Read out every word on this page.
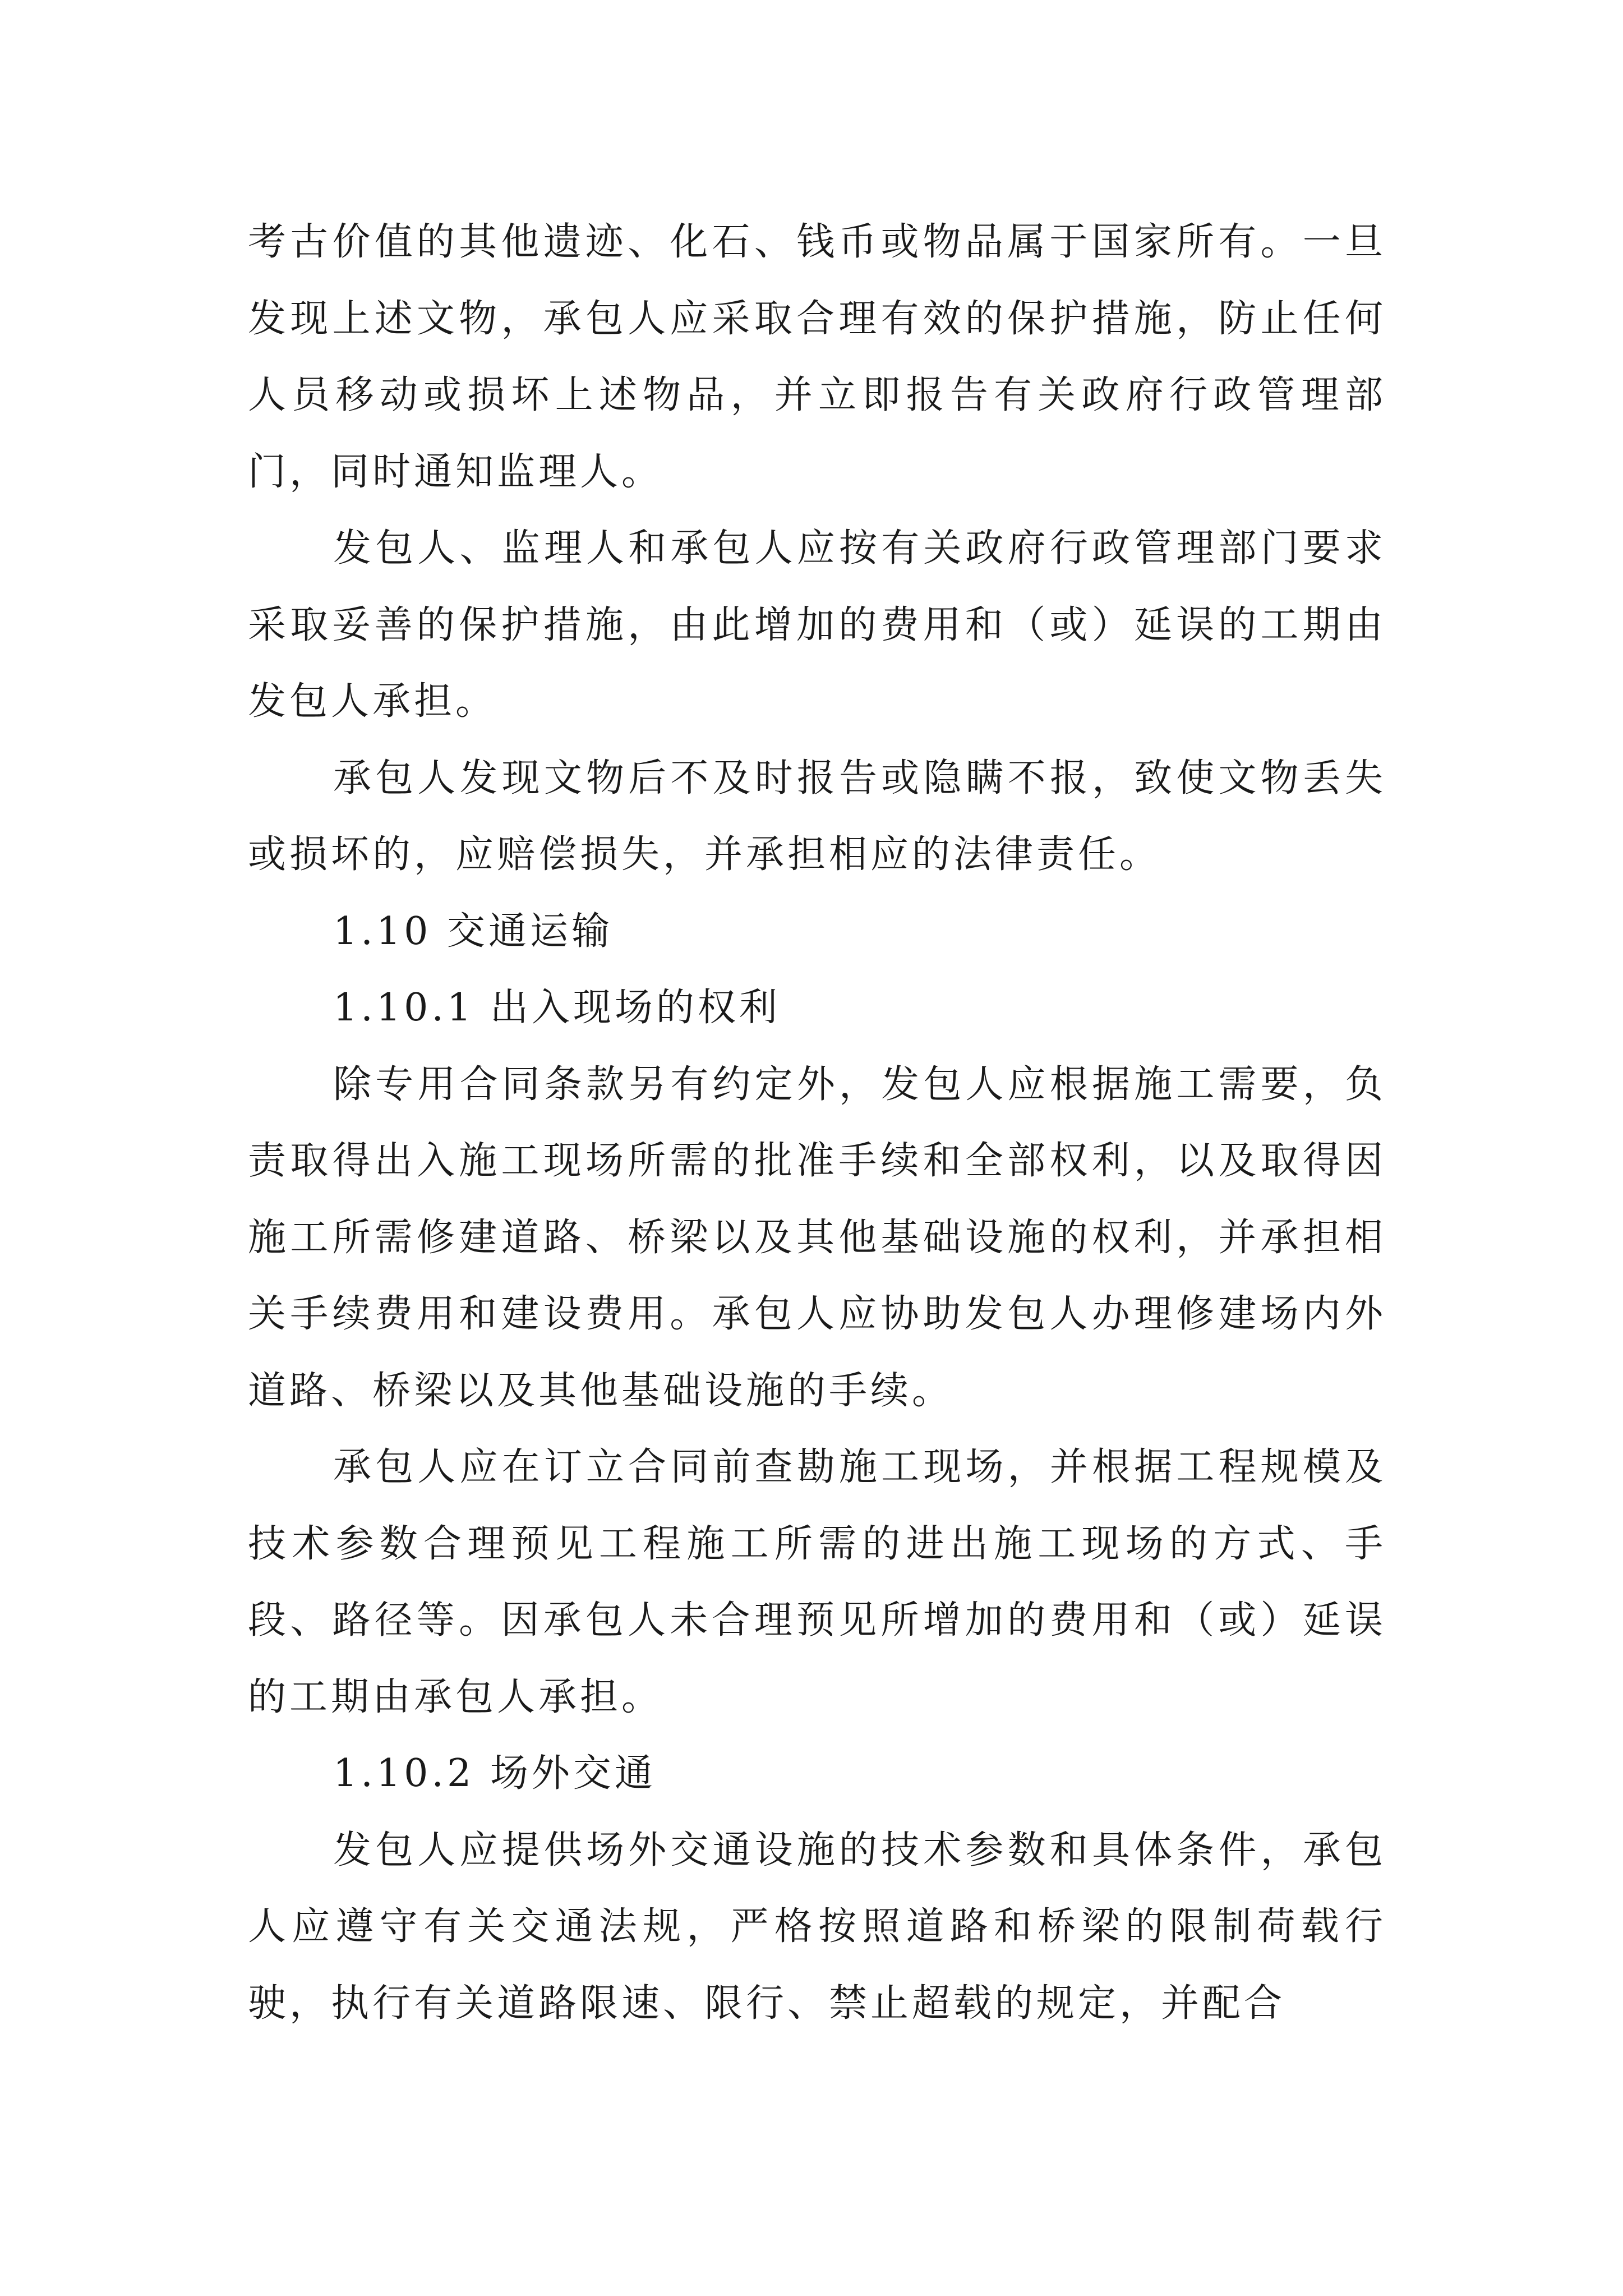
考古价值的其他遗迹、化石、钱币或物品属于国家所有。一旦发现上述文物，承包人应采取合理有效的保护措施，防止任何人员移动或损坏上述物品，并立即报告有关政府行政管理部门，同时通知监理人。

发包人、监理人和承包人应按有关政府行政管理部门要求采取妥善的保护措施，由此增加的费用和（或）延误的工期由发包人承担。

承包人发现文物后不及时报告或隐瞒不报，致使文物丢失或损坏的，应赔偿损失，并承担相应的法律责任。

1.10 交通运输

1.10.1 出入现场的权利

除专用合同条款另有约定外，发包人应根据施工需要，负责取得出入施工现场所需的批准手续和全部权利，以及取得因施工所需修建道路、桥梁以及其他基础设施的权利，并承担相关手续费用和建设费用。承包人应协助发包人办理修建场内外道路、桥梁以及其他基础设施的手续。

承包人应在订立合同前查勘施工现场，并根据工程规模及技术参数合理预见工程施工所需的进出施工现场的方式、手段、路径等。因承包人未合理预见所增加的费用和（或）延误的工期由承包人承担。

1.10.2 场外交通

发包人应提供场外交通设施的技术参数和具体条件，承包人应遵守有关交通法规，严格按照道路和桥梁的限制荷载行驶，执行有关道路限速、限行、禁止超载的规定，并配合
